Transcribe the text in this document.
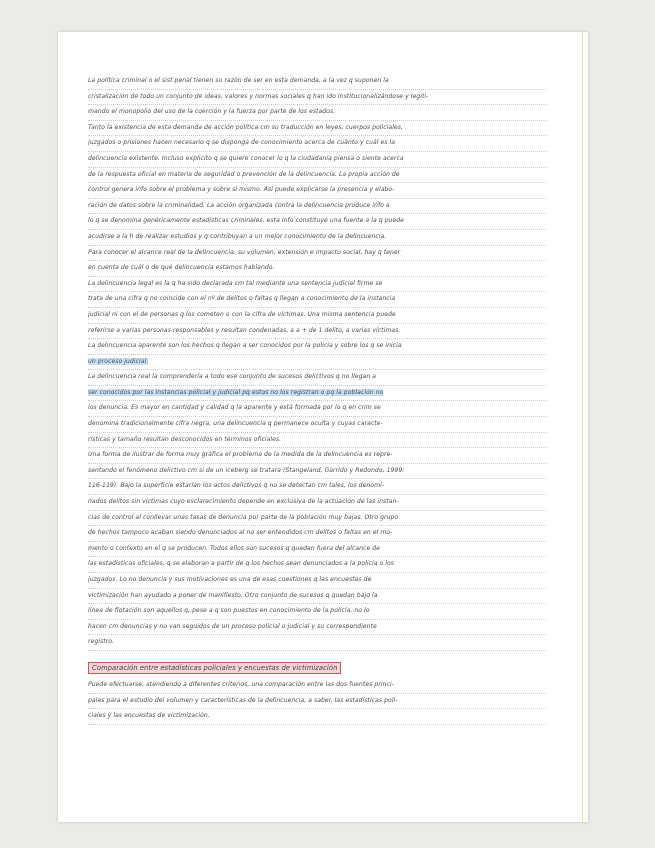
La política criminal o el sist penal tienen su razón de ser en esta demanda, a la vez q suponen la
cristalización de todo un conjunto de ideas, valores y normas sociales q han ido institucionalizándose y legiti-
mando el monopolio del uso de la coerción y la fuerza por parte de los estados.
Tanto la existencia de esta demanda de acción política cm su traducción en leyes, cuerpos policiales,
juzgados o prisiones hacen necesario q se disponga de conocimiento acerca de cuánto y cuál es la
delincuencia existente. Incluso explicito q se quiere conocer lo q la ciudadanía piensa o siente acerca
de la respuesta oficial en materia de seguridad o prevención de la delincuencia. La propia acción de
control genera info sobre el problema y sobre sí mismo. Así puede explicarse la presencia y elabo-
ración de datos sobre la criminalidad. La acción organizada contra la delincuencia produce info a
lo q se denomina genéricamente estadísticas criminales, esta info constituye una fuente a la q puede
acudirse a la h de realizar estudios y q contribuyan a un mejor conocimiento de la delincuencia.
Para conocer el alcance real de la delincuencia, su volumen, extensión e impacto social, hay q tener
en cuenta de cuál o de qué delincuencia estamos hablando.
La delincuencia legal es la q ha sido declarada cm tal mediante una sentencia judicial firme se
trata de una cifra q no coincide con el nº de delitos o faltas q llegan a conocimiento de la instancia
judicial ni con el de personas q los cometen o con la cifra de víctimas. Una misma sentencia puede
referirse a varias personas responsables y resultan condenadas, a a + de 1 delito, a varias víctimas.
La delincuencia aparente son los hechos q llegan a ser conocidos por la policía y sobre los q se inicia
un proceso judicial.
La delincuencia real la comprendería a todo ese conjunto de sucesos delictivos q no llegan a
ser conocidos por las instancias policial y judicial pq estos no los registran o pq la población no
los denuncia. Es mayor en cantidad y calidad q la aparente y está formada por lo q en crim se
denomina tradicionalmente cifra negra, una delincuencia q permanece oculta y cuyas caracte-
rísticas y tamaño resultan desconocidos en términos oficiales.
Una forma de ilustrar de forma muy gráfica el problema de la medida de la delincuencia es repre-
sentando el fenómeno delictivo cm si de un iceberg se tratara (Stangeland, Garrido y Redondo, 1999:
116-119). Bajo la superficie estarían los actos delictivos q no se detectan cm tales, los denomi-
nados delitos sin víctimas cuyo esclarecimiento depende en exclusiva de la actuación de las instan-
cias de control al conllevar unas tasas de denuncia por parte de la población muy bajas. Otro grupo
de hechos tampoco acaban siendo denunciados al no ser entendidos cm delitos o faltas en el mo-
mento o contexto en el q se producen. Todos ellos son sucesos q quedan fuera del alcance de
las estadísticas oficiales, q se elaboran a partir de q los hechos sean denunciados a la policía o los
juzgados. Lo no denuncia y sus motivaciones es una de esas cuestiones q las encuestas de
victimización han ayudado a poner de manifiesto. Otro conjunto de sucesos q quedan bajo la
línea de flotación son aquellos q, pese a q son puestos en conocimiento de la policía, no lo
hacen cm denuncias y no van seguidos de un proceso policial o judicial y su correspondiente
registro.
Comparación entre estadísticas policiales y encuestas de victimización
Puede efectuarse, atendiendo a diferentes criterios, una comparación entre las dos fuentes princi-
pales para el estudio del volumen y características de la delincuencia, a saber, las estadísticas poli-
ciales y las encuestas de victimización.
